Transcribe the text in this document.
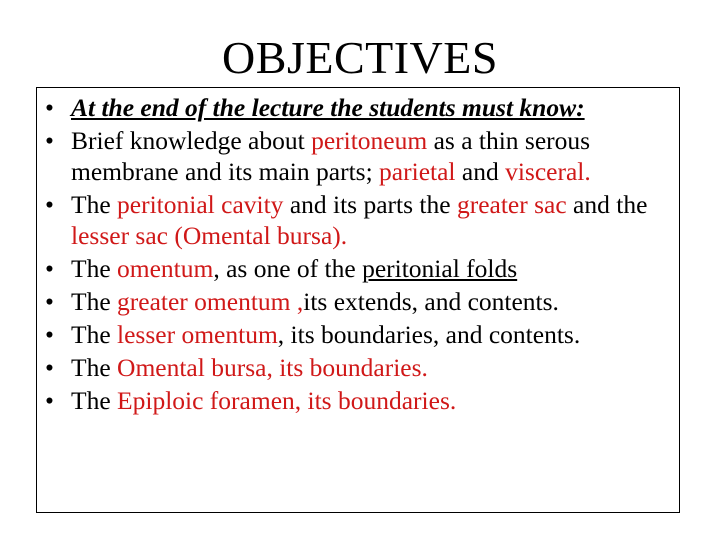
OBJECTIVES
• At the end of the lecture the students must know:
• Brief knowledge about peritoneum as a thin serous membrane and its main parts; parietal and visceral.
• The peritonial cavity and its parts the greater sac and the lesser sac (Omental bursa).
• The omentum, as one of the peritonial folds
• The greater omentum ,its extends, and contents.
• The lesser omentum, its boundaries, and contents.
• The Omental bursa, its boundaries.
• The Epiploic foramen, its boundaries.
